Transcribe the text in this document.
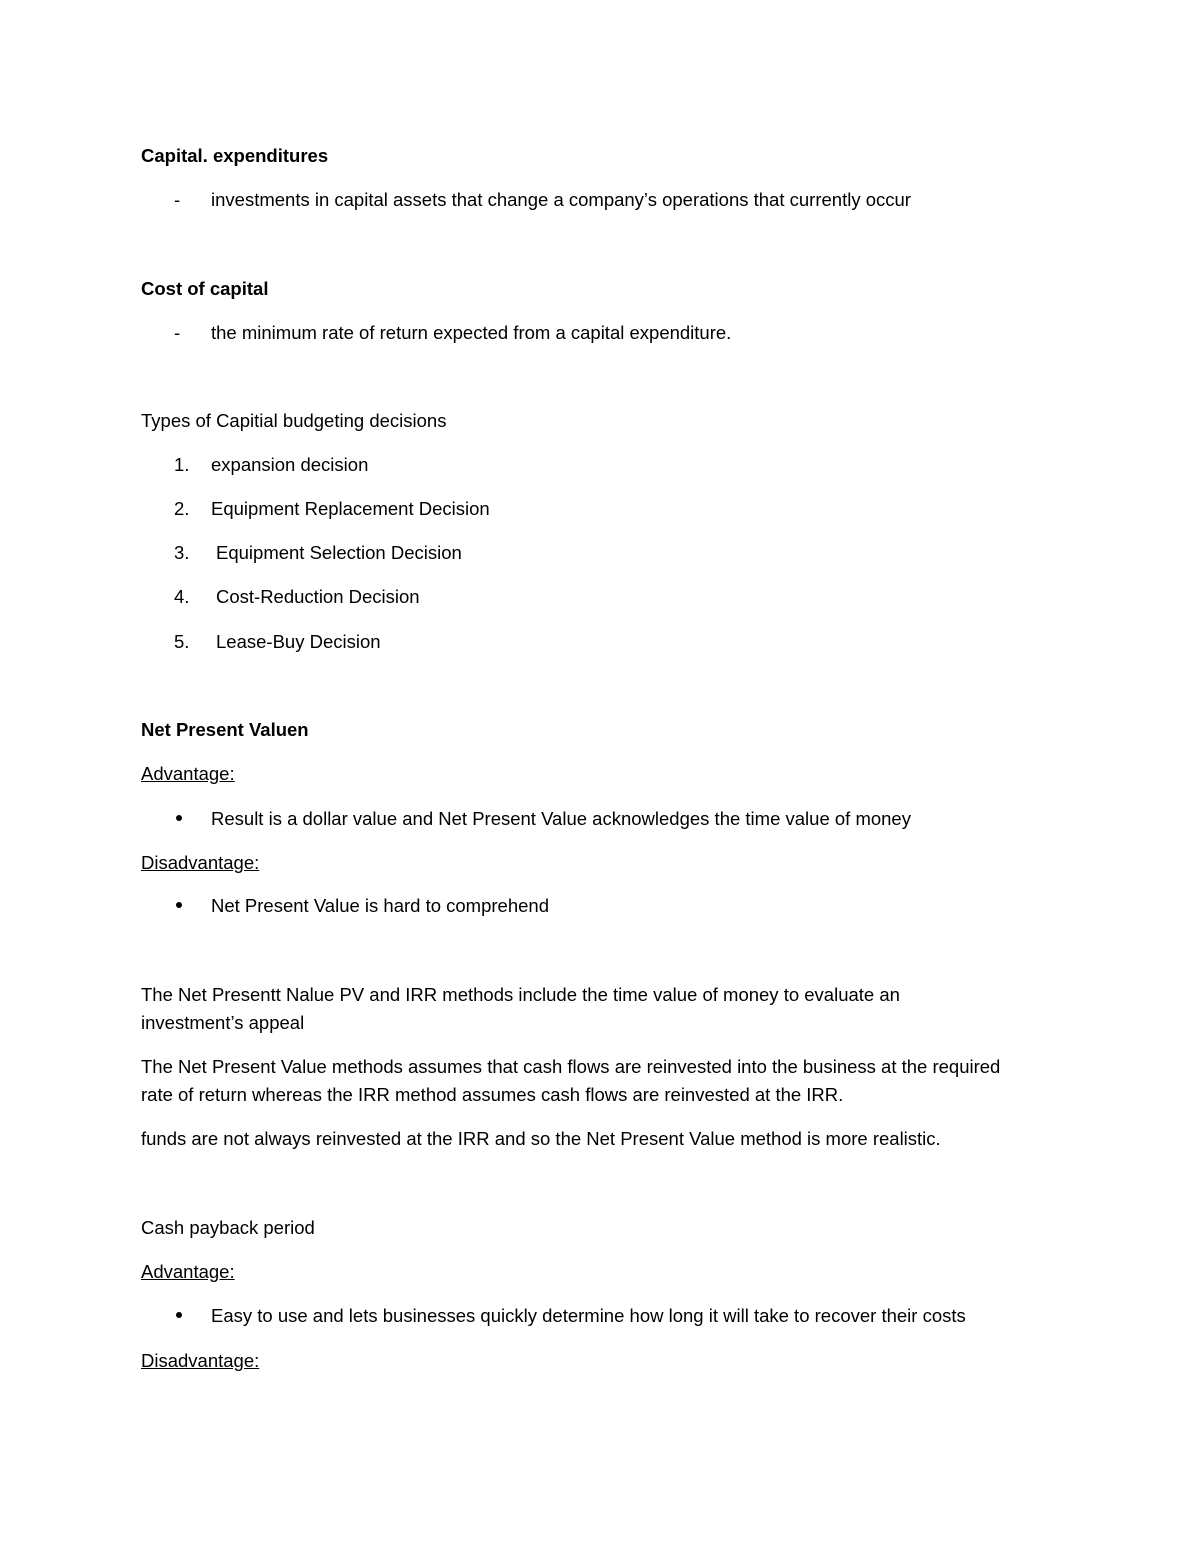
Capital. expenditures
- investments in capital assets that change a company’s operations that currently occur
Cost of capital
- the minimum rate of return expected from a capital expenditure.
Types of Capitial budgeting decisions
1. expansion decision
2. Equipment Replacement Decision
3. Equipment Selection Decision
4. Cost-Reduction Decision
5. Lease-Buy Decision
Net Present Valuen
Advantage:
Result is a dollar value and Net Present Value acknowledges the time value of money
Disadvantage:
Net Present Value is hard to comprehend
The Net Presentt Nalue PV and IRR methods include the time value of money to evaluate an
investment’s appeal
The Net Present Value methods assumes that cash flows are reinvested into the business at the required
rate of return whereas the IRR method assumes cash flows are reinvested at the IRR.
funds are not always reinvested at the IRR and so the Net Present Value method is more realistic.
Cash payback period
Advantage:
Easy to use and lets businesses quickly determine how long it will take to recover their costs
Disadvantage:
